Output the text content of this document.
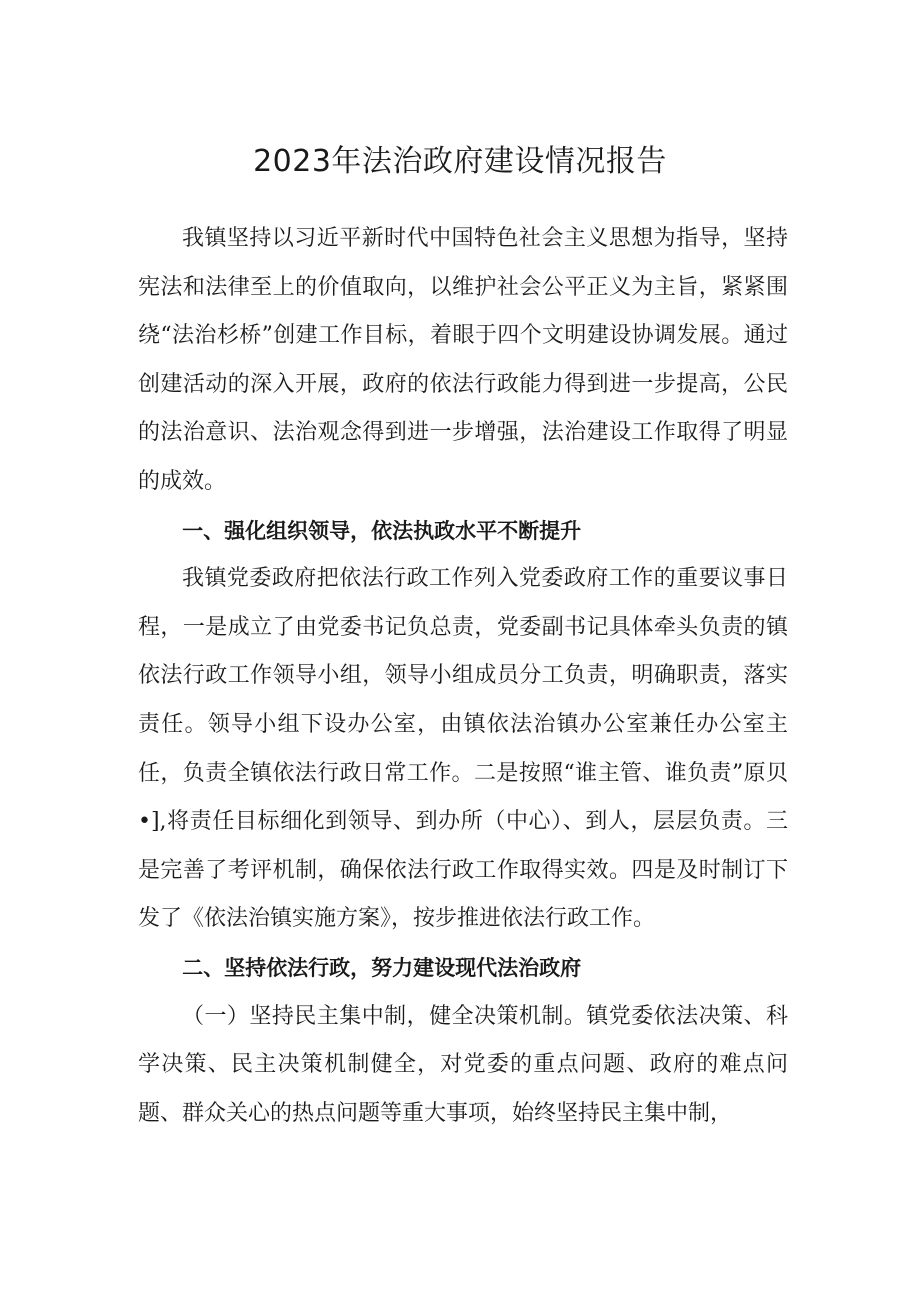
2023年法治政府建设情况报告

我镇坚持以习近平新时代中国特色社会主义思想为指导，坚持宪法和法律至上的价值取向，以维护社会公平正义为主旨，紧紧围绕“法治杉桥”创建工作目标，着眼于四个文明建设协调发展。通过创建活动的深入开展，政府的依法行政能力得到进一步提高，公民的法治意识、法治观念得到进一步增强，法治建设工作取得了明显的成效。

一、强化组织领导，依法执政水平不断提升

我镇党委政府把依法行政工作列入党委政府工作的重要议事日程，一是成立了由党委书记负总责，党委副书记具体牵头负责的镇依法行政工作领导小组，领导小组成员分工负责，明确职责，落实责任。领导小组下设办公室，由镇依法治镇办公室兼任办公室主任，负责全镇依法行政日常工作。二是按照“谁主管、谁负责”原贝•],将责任目标细化到领导、到办所（中心）、到人，层层负责。三是完善了考评机制，确保依法行政工作取得实效。四是及时制订下发了《依法治镇实施方案》，按步推进依法行政工作。

二、坚持依法行政，努力建设现代法治政府

（一）坚持民主集中制，健全决策机制。镇党委依法决策、科学决策、民主决策机制健全，对党委的重点问题、政府的难点问题、群众关心的热点问题等重大事项，始终坚持民主集中制，
